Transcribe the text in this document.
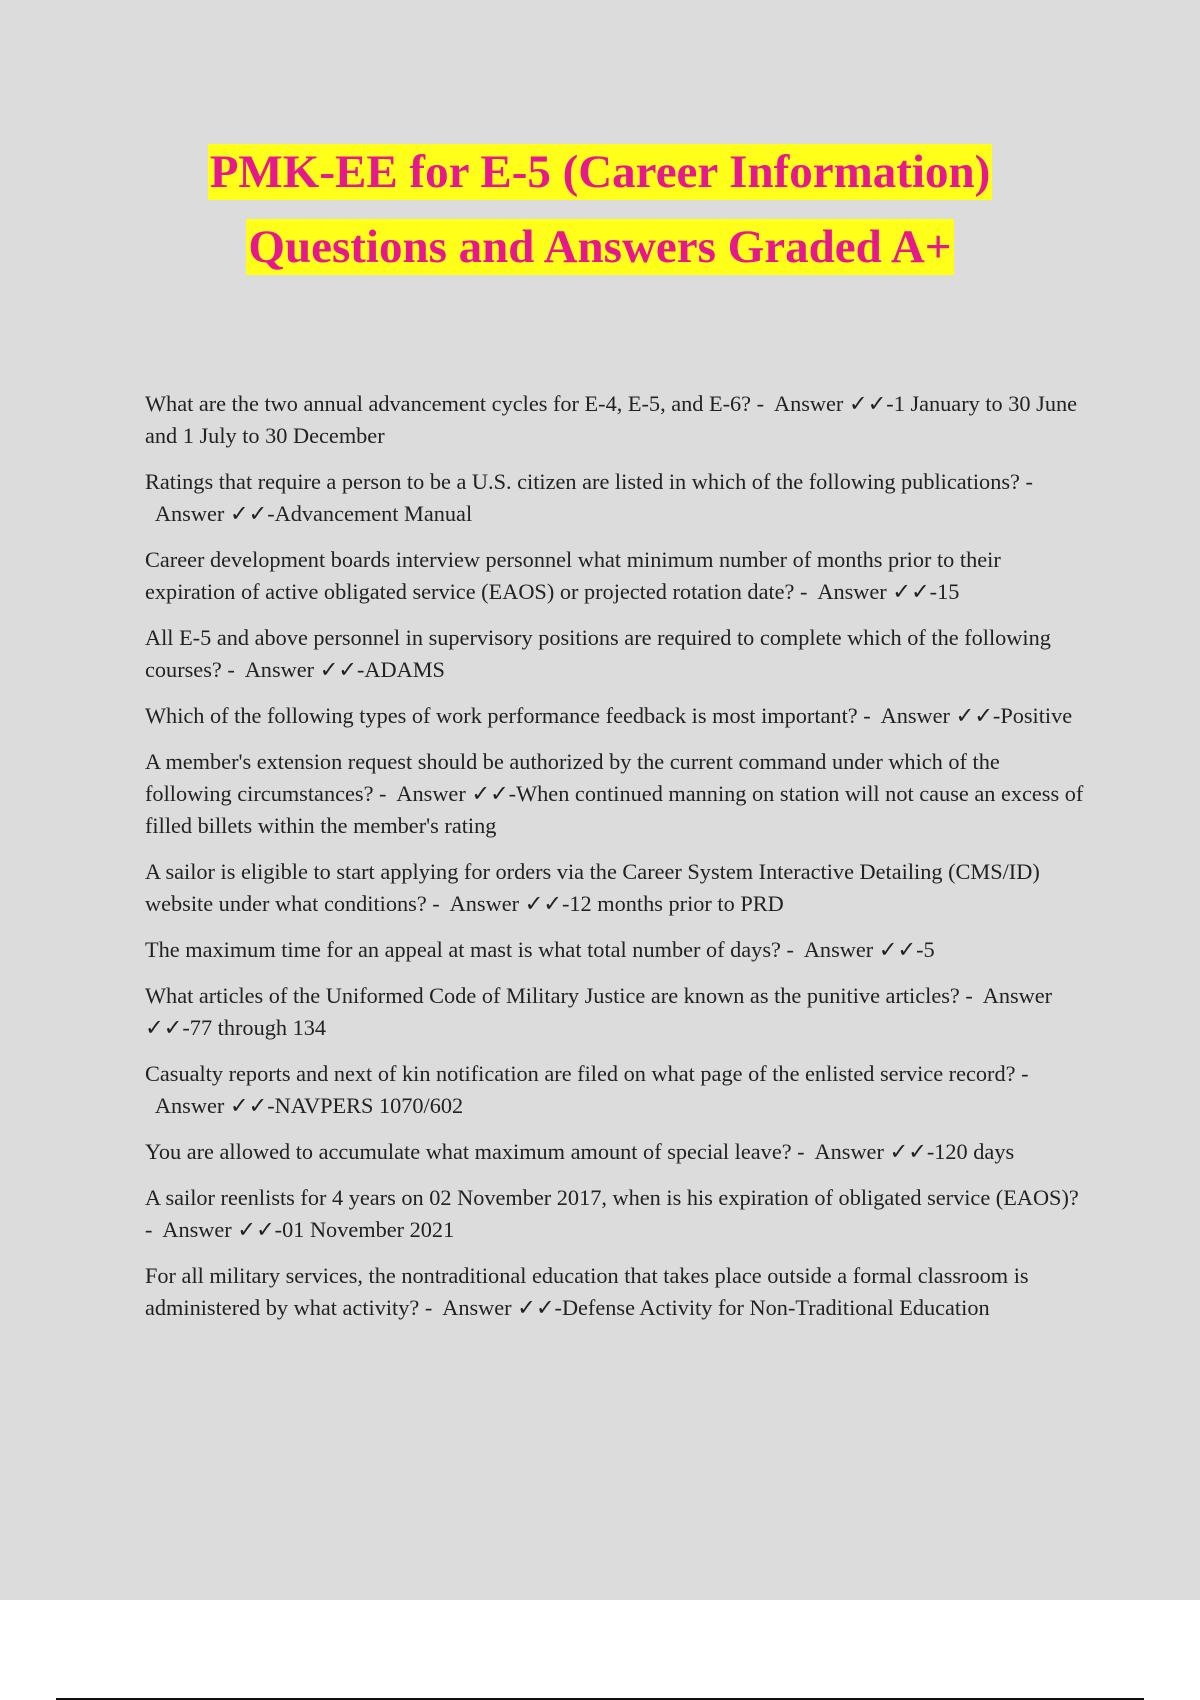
PMK-EE for E-5 (Career Information)
Questions and Answers Graded A+

What are the two annual advancement cycles for E-4, E-5, and E-6? - Answer ✓✓-1 January to 30 June and 1 July to 30 December

Ratings that require a person to be a U.S. citizen are listed in which of the following publications? -  Answer ✓✓-Advancement Manual

Career development boards interview personnel what minimum number of months prior to their expiration of active obligated service (EAOS) or projected rotation date? - Answer ✓✓-15

All E-5 and above personnel in supervisory positions are required to complete which of the following courses? - Answer ✓✓-ADAMS

Which of the following types of work performance feedback is most important? - Answer ✓✓-Positive

A member's extension request should be authorized by the current command under which of the following circumstances? - Answer ✓✓-When continued manning on station will not cause an excess of filled billets within the member's rating

A sailor is eligible to start applying for orders via the Career System Interactive Detailing (CMS/ID) website under what conditions? - Answer ✓✓-12 months prior to PRD

The maximum time for an appeal at mast is what total number of days? - Answer ✓✓-5

What articles of the Uniformed Code of Military Justice are known as the punitive articles? - Answer ✓✓-77 through 134

Casualty reports and next of kin notification are filed on what page of the enlisted service record? -  Answer ✓✓-NAVPERS 1070/602

You are allowed to accumulate what maximum amount of special leave? - Answer ✓✓-120 days

A sailor reenlists for 4 years on 02 November 2017, when is his expiration of obligated service (EAOS)? - Answer ✓✓-01 November 2021

For all military services, the nontraditional education that takes place outside a formal classroom is administered by what activity? - Answer ✓✓-Defense Activity for Non-Traditional Education
